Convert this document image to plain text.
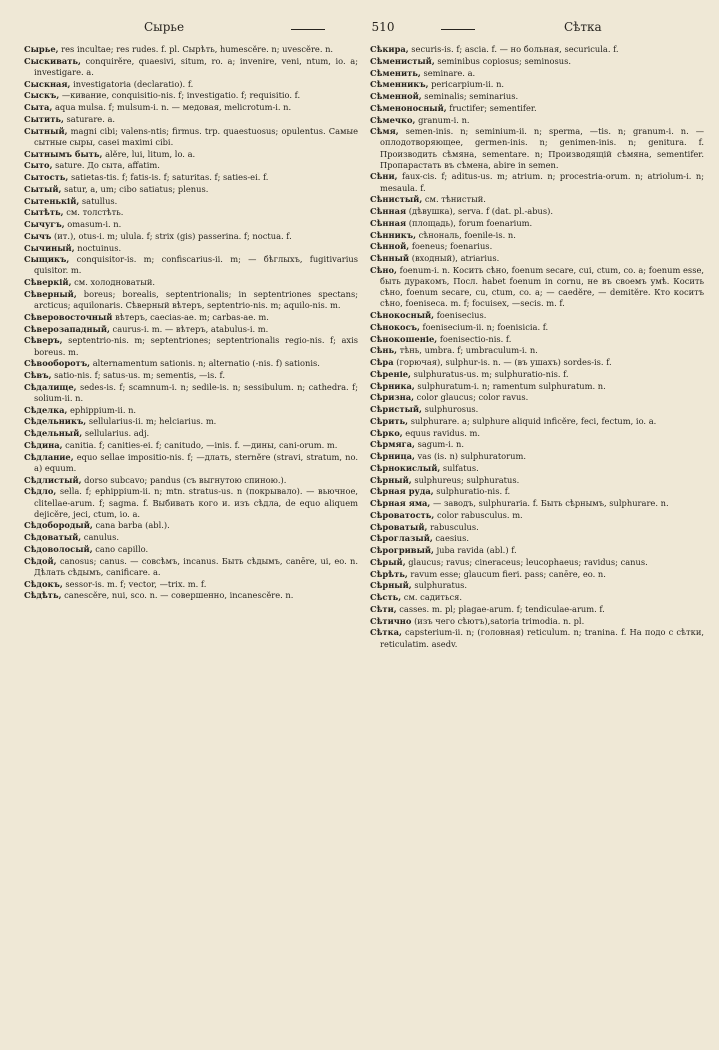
Сырье	510	Сѣтка

Сырье, res incultae; res rudes. f. pl. Сырѣть, humescĕre. n; uvescĕre. n.

Сыскивать, conquirĕre, quaesivi, situm, ro. a; invenire, veni, ntum, io. a; investigare. a.

Сыскная, investigatoria (declaratio). f.

Сыскъ, —кивание, conquisitio-nis. f; investigatio. f; requisitio. f.

Сыта, aqua mulsa. f; mulsum-i. n. — медовая, melicrotum-i. n.

Сытить, saturare. a.

Сытный, magni cibi; valens-ntis; firmus. trp. quaestuosus; opulentus. Самые сытные сыры, casei maximi cibi.

Сытнымъ быть, alĕre, lui, litum, lo. a.

Сыто, sature. До сыта, affatim.

Сытость, satietas-tis. f; fatis-is. f; saturitas. f; saties-ei. f.

Сытый, satur, a, um; cibo satiatus; plenus.

Сытенькій, satullus.

Сытѣть, см. толстѣть.

Сычугъ, omasum-i. n.

Сычъ (ит.), otus-i. m; ulula. f; strix (gis) passerina. f; noctua. f.

Сычиный, noctuinus.

Сыщикъ, conquisitor-is. m; confiscarius-ii. m; — бѣглыхъ, fugitivarius quisitor. m.

Сѣверкій, см. холодноватый.

Сѣверный, boreus; borealis, septentrionalis; in septentriones spectans; arcticus; aquilonaris. Сѣверный вѣтеръ, septentrio-nis. m; aquilo-nis. m.

Сѣверовосточный вѣтеръ, caecias-ae. m; carbas-ae. m.

Сѣверозападный, caurus-i. m. — вѣтеръ, atabulus-i. m.

Сѣверъ, septentrio-nis. m; septentriones; septentrionalis regio-nis. f; axis boreus. m.

Сѣвооборотъ, alternamentum sationis. n; alternatio (-nis. f) sationis.

Сѣвъ, satio-nis. f; satus-us. m; sementis, —is. f.

Сѣдалище, sedes-is. f; scamnum-i. n; sedile-is. n; sessibulum. n; cathedra. f; solium-ii. n.

Сѣделка, ephippium-ii. n.

Сѣдельникъ, sellularius-ii. m; helciarius. m.

Сѣдельный, sellularius. adj.

Сѣдина, canitia. f; canities-ei. f; canitudo, —inis. f. —дины, cani-orum. m.

Сѣдлание, equo sellae impositio-nis. f; —длать, sternĕre (stravi, stratum, no. a) equum.

Сѣдлистый, dorso subcavo; pandus (съ выгнутою спиною.).

Сѣдло, sella. f; ephippium-ii. n; mtn. stratus-us. n (покрывало). — вьючное, clitellae-arum. f; sagma. f. Выбивать кого и. изъ сѣдла, de equo aliquem dejicĕre, jeci, ctum, io. a.

Сѣдобородый, cana barba (abl.).

Сѣдоватый, canulus.

Сѣдоволосый, cano capillo.

Сѣдой, canosus; canus. — совсѣмъ, incanus. Быть сѣдымъ, canēre, ui, eo. n. Дѣлать сѣдымъ, canificare. a.

Сѣдокъ, sessor-is. m. f; vector, —trix. m. f.

Сѣдѣть, canescĕre, nui, sco. n. — совершенно, incanescĕre. n.

Сѣкира, securis-is. f; ascia. f. — но больная, securicula. f.

Сѣменистый, seminibus copiosus; seminosus.

Сѣменить, seminare. a.

Сѣменникъ, pericarpium-ii. n.

Сѣменной, seminalis; seminarius.

Сѣменоносный, fructifer; sementifer.

Сѣмечко, granum-i. n.

Сѣмя, semen-inis. n; seminium-ii. n; sperma, —tis. n; granum-i. n. — оплодотворяющее, germen-inis. n; genimen-inis. n; genitura. f. Производить сѣмяна, sementare. n; Производящій сѣмяна, sementifer. Пропарастать въ сѣмена, abire in semen.

Сѣни, faux-cis. f; aditus-us. m; atrium. n; procestria-orum. n; atriolum-i. n; mesaula. f.

Сѣнистый, см. тѣнистый.

Сѣнная (дѣвушка), serva. f (dat. pl.-abus).

Сѣнная (площадь), forum foenarium.

Сѣнникъ, сѣнональ, foenile-is. n.

Сѣнной, foeneus; foenarius.

Сѣнный (входный), atriarius.

Сѣно, foenum-i. n. Косить сѣно, foenum secare, cui, ctum, co. a; foenum esse, быть дуракомъ, Посл. habet foenum in cornu, не въ своемъ умѣ. Косить сѣно, foenum secare, cu, ctum, co. a; — caedĕre, — demitĕre. Кто коситъ сѣно, foeniseca. m. f; focuisex, —secis. m. f.

Сѣнокосный, foenisecius.

Сѣнокосъ, foenisecium-ii. n; foenisicia. f.

Сѣнокошеніе, foenisectio-nis. f.

Сѣнь, тѣнь, umbra. f; umbraculum-i. n.

Сѣра (горючая), sulphur-is. n. — (въ ушахъ) sordes-is. f.

Сѣреніе, sulphuratus-us. m; sulphuratio-nis. f.

Сѣрника, sulphuratum-i. n; ramentum sulphuratum. n.

Сѣризна, color glaucus; color ravus.

Сѣристый, sulphurosus.

Сѣрить, sulphurare. a; sulphure aliquid inficĕre, feci, fectum, io. a.

Сѣрко, equus ravidus. m.

Сѣрмяга, sagum-i. n.

Сѣрница, vas (is. n) sulphuratorum.

Сѣрнокислый, sulfatus.

Сѣрный, sulphureus; sulphuratus.

Сѣрная руда, sulphuratio-nis. f.

Сѣрная яма, — заводъ, sulphuraria. f. Быть сѣрнымъ, sulphurare. n.

Сѣроватость, color rabusculus. m.

Сѣроватый, rabusculus.

Сѣроглазый, caesius.

Сѣрогривый, juba ravida (abl.) f.

Сѣрый, glaucus; ravus; cineraceus; leucophaeus; ravidus; canus.

Сѣрѣть, ravum esse; glaucum fieri. pass; canēre, eo. n.

Сѣрный, sulphuratus.

Сѣсть, см. садиться.

Сѣти, casses. m. pl; plagae-arum. f; tendiculae-arum. f.

Сѣтично (изъ чего сѣютъ),satoria trimodia. n. pl.

Сѣтка, capsterium-ii. n; (головная) reticulum. n; tranina. f. На подо с сѣтки, reticulatim. asedv.
